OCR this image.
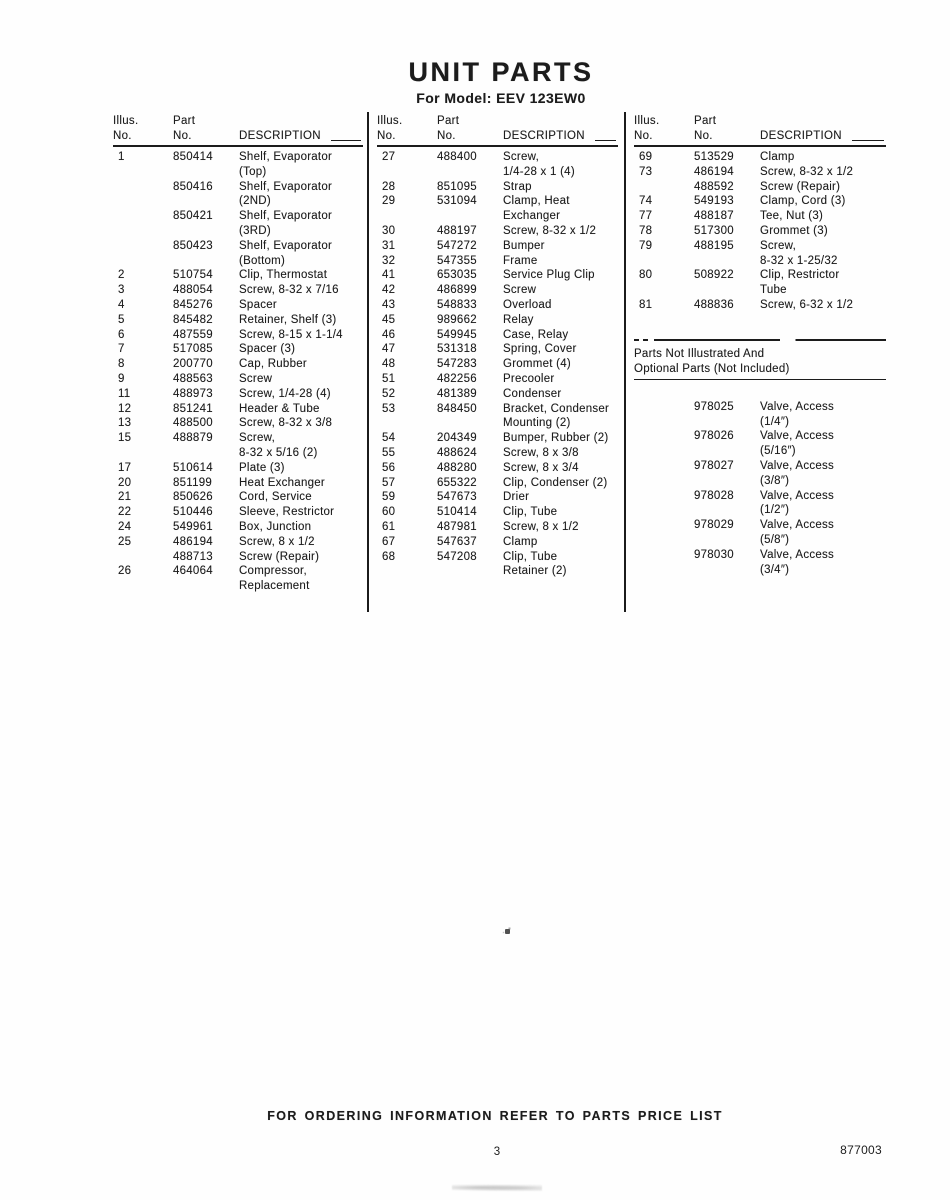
UNIT PARTS
For Model: EEV 123EW0
Illus.	Part
No.	No.	DESCRIPTION
1	850414	Shelf, Evaporator
(Top)
850416	Shelf, Evaporator
(2ND)
850421	Shelf, Evaporator
(3RD)
850423	Shelf, Evaporator
(Bottom)
2	510754	Clip, Thermostat
3	488054	Screw, 8-32 x 7/16
4	845276	Spacer
5	845482	Retainer, Shelf (3)
6	487559	Screw, 8-15 x 1-1/4
7	517085	Spacer (3)
8	200770	Cap, Rubber
9	488563	Screw
11	488973	Screw, 1/4-28 (4)
12	851241	Header & Tube
13	488500	Screw, 8-32 x 3/8
15	488879	Screw,
8-32 x 5/16 (2)
17	510614	Plate (3)
20	851199	Heat Exchanger
21	850626	Cord, Service
22	510446	Sleeve, Restrictor
24	549961	Box, Junction
25	486194	Screw, 8 x 1/2
488713	Screw (Repair)
26	464064	Compressor,
Replacement
Illus.	Part
No.	No.	DESCRIPTION
27	488400	Screw,
1/4-28 x 1 (4)
28	851095	Strap
29	531094	Clamp, Heat
Exchanger
30	488197	Screw, 8-32 x 1/2
31	547272	Bumper
32	547355	Frame
41	653035	Service Plug Clip
42	486899	Screw
43	548833	Overload
45	989662	Relay
46	549945	Case, Relay
47	531318	Spring, Cover
48	547283	Grommet (4)
51	482256	Precooler
52	481389	Condenser
53	848450	Bracket, Condenser
Mounting (2)
54	204349	Bumper, Rubber (2)
55	488624	Screw, 8 x 3/8
56	488280	Screw, 8 x 3/4
57	655322	Clip, Condenser (2)
59	547673	Drier
60	510414	Clip, Tube
61	487981	Screw, 8 x 1/2
67	547637	Clamp
68	547208	Clip, Tube
Retainer (2)
Illus.	Part
No.	No.	DESCRIPTION
69	513529	Clamp
73	486194	Screw, 8-32 x 1/2
488592	Screw (Repair)
74	549193	Clamp, Cord (3)
77	488187	Tee, Nut (3)
78	517300	Grommet (3)
79	488195	Screw,
8-32 x 1-25/32
80	508922	Clip, Restrictor
Tube
81	488836	Screw, 6-32 x 1/2
Parts Not Illustrated And
Optional Parts (Not Included)
978025	Valve, Access
(1/4″)
978026	Valve, Access
(5/16″)
978027	Valve, Access
(3/8″)
978028	Valve, Access
(1/2″)
978029	Valve, Access
(5/8″)
978030	Valve, Access
(3/4″)
FOR ORDERING INFORMATION REFER TO PARTS PRICE LIST
3	877003
